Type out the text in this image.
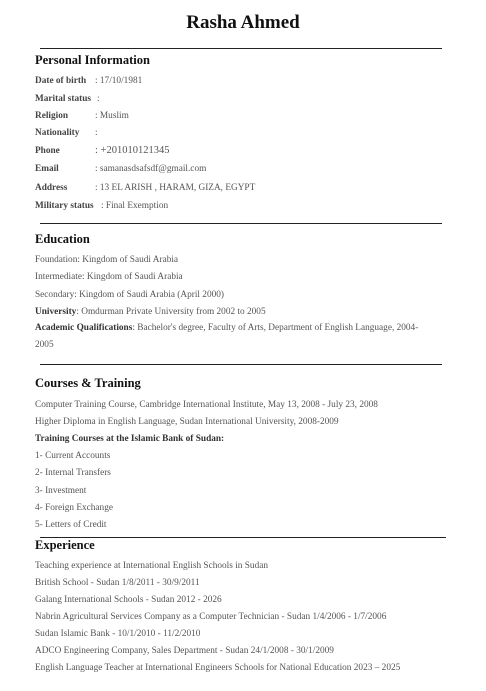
Rasha Ahmed
Personal Information
Date of birth : 17/10/1981
Marital status :
Religion	: Muslim
Nationality :
Phone	: +201010121345
Email	: samanasdsafsdf@gmail.com
Address	: 13 EL ARISH , HARAM, GIZA, EGYPT
Military status : Final Exemption
Education
Foundation: Kingdom of Saudi Arabia
Intermediate: Kingdom of Saudi Arabia
Secondary: Kingdom of Saudi Arabia (April 2000)
University: Omdurman Private University from 2002 to 2005
Academic Qualifications: Bachelor's degree, Faculty of Arts, Department of English Language, 2004-2005
Courses & Training
Computer Training Course, Cambridge International Institute, May 13, 2008 - July 23, 2008
Higher Diploma in English Language, Sudan International University, 2008-2009
Training Courses at the Islamic Bank of Sudan:
1- Current Accounts
2- Internal Transfers
3- Investment
4- Foreign Exchange
5- Letters of Credit
Experience
Teaching experience at International English Schools in Sudan
British School - Sudan 1/8/2011 - 30/9/2011
Galang International Schools - Sudan 2012 - 2026
Nabrin Agricultural Services Company as a Computer Technician - Sudan 1/4/2006 - 1/7/2006
Sudan Islamic Bank - 10/1/2010 - 11/2/2010
ADCO Engineering Company, Sales Department - Sudan 24/1/2008 - 30/1/2009
English Language Teacher at International Engineers Schools for National Education 2023 – 2025
